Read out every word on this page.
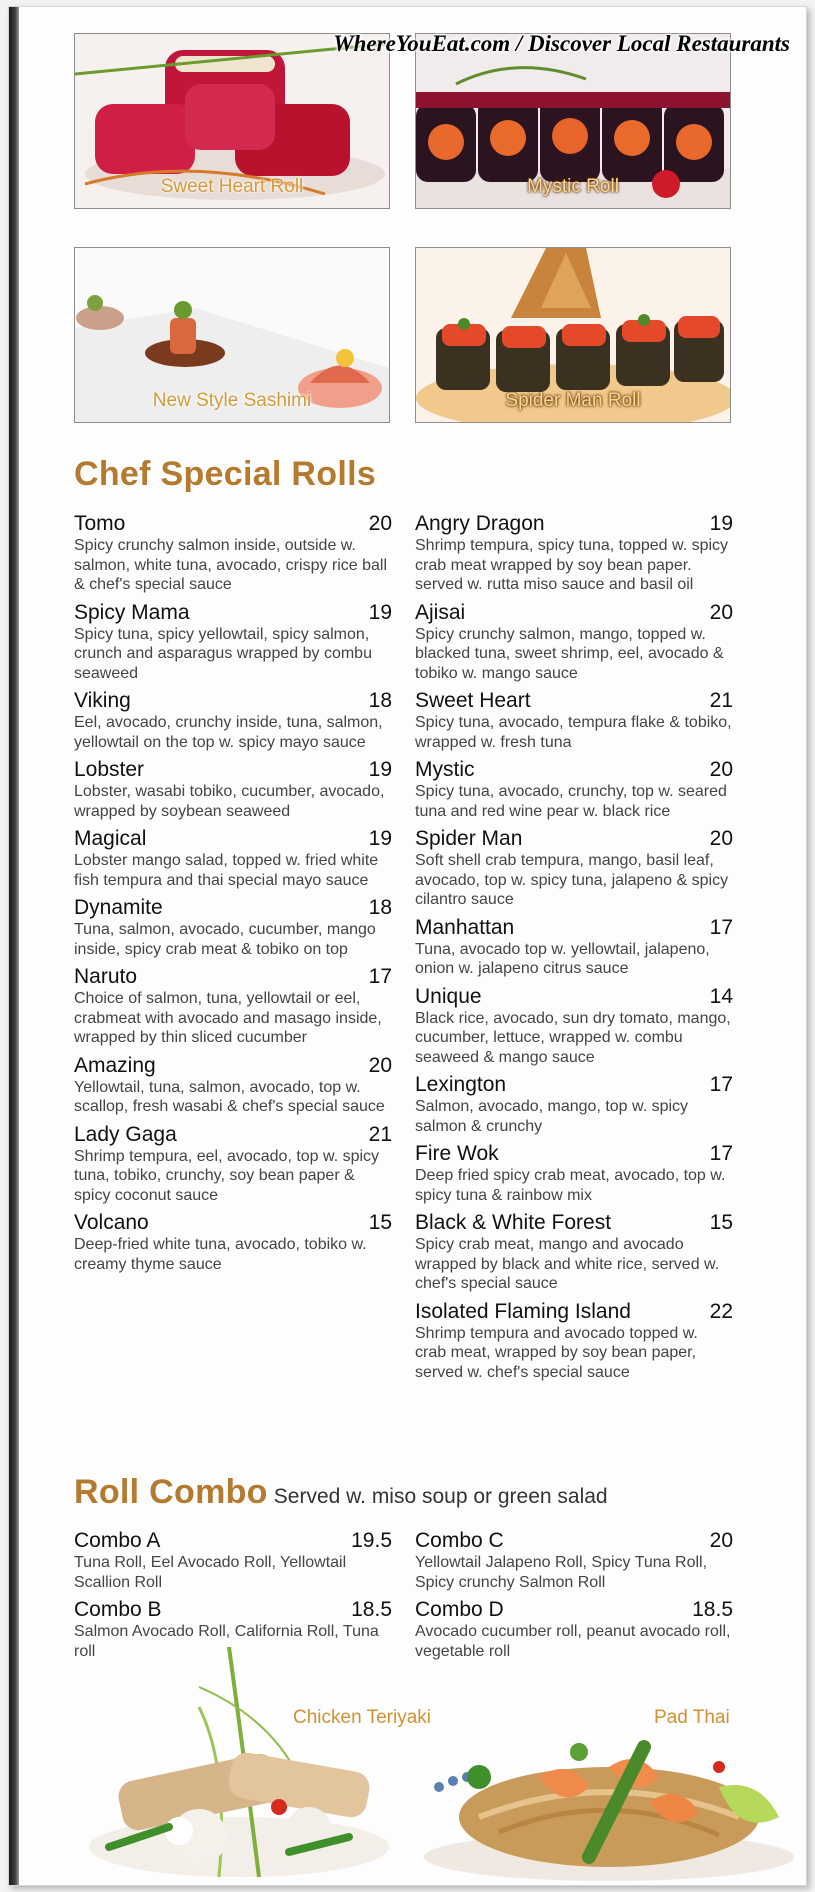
WhereYouEat.com / Discover Local Restaurants

Sweet Heart Roll	Mystic Roll

New Style Sashimi	Spider Man Roll

Chef Special Rolls
Tomo	20

Spicy crunchy salmon inside, outside w. salmon, white tuna, avocado, crispy rice ball & chef's special sauce

Spicy Mama	19

Spicy tuna, spicy yellowtail, spicy salmon, crunch and asparagus wrapped by combu seaweed

Viking	18

Eel, avocado, crunchy inside, tuna, salmon, yellowtail on the top w. spicy mayo sauce

Lobster	19

Lobster, wasabi tobiko, cucumber, avocado, wrapped by soybean seaweed

Magical	19

Lobster mango salad, topped w. fried white fish tempura and thai special mayo sauce

Dynamite	18

Tuna, salmon, avocado, cucumber, mango inside, spicy crab meat & tobiko on top

Naruto	17

Choice of salmon, tuna, yellowtail or eel, crabmeat with avocado and masago inside, wrapped by thin sliced cucumber

Amazing	20

Yellowtail, tuna, salmon, avocado, top w. scallop, fresh wasabi & chef's special sauce

Lady Gaga	21

Shrimp tempura, eel, avocado, top w. spicy tuna, tobiko, crunchy, soy bean paper & spicy coconut sauce

Volcano	15

Deep-fried white tuna, avocado, tobiko w. creamy thyme sauce

Angry Dragon	19

Shrimp tempura, spicy tuna, topped w. spicy crab meat wrapped by soy bean paper. served w. rutta miso sauce and basil oil

Ajisai	20

Spicy crunchy salmon, mango, topped w. blacked tuna, sweet shrimp, eel, avocado & tobiko w. mango sauce

Sweet Heart	21

Spicy tuna, avocado, tempura flake & tobiko, wrapped w. fresh tuna

Mystic	20

Spicy tuna, avocado, crunchy, top w. seared tuna and red wine pear w. black rice

Spider Man	20

Soft shell crab tempura, mango, basil leaf, avocado, top w. spicy tuna, jalapeno & spicy cilantro sauce

Manhattan	17

Tuna, avocado top w. yellowtail, jalapeno, onion w. jalapeno citrus sauce

Unique	14

Black rice, avocado, sun dry tomato, mango, cucumber, lettuce, wrapped w. combu seaweed & mango sauce

Lexington	17

Salmon, avocado, mango, top w. spicy salmon & crunchy

Fire Wok	17

Deep fried spicy crab meat, avocado, top w. spicy tuna & rainbow mix

Black & White Forest	15

Spicy crab meat, mango and avocado wrapped by black and white rice, served w. chef's special sauce

Isolated Flaming Island	22

Shrimp tempura and avocado topped w. crab meat, wrapped by soy bean paper, served w. chef's special sauce

Roll Combo Served w. miso soup or green salad
Combo A	19.5

Tuna Roll, Eel Avocado Roll, Yellowtail Scallion Roll

Combo B	18.5

Salmon Avocado Roll, California Roll, Tuna roll

Combo C	20

Yellowtail Jalapeno Roll, Spicy Tuna Roll, Spicy crunchy Salmon Roll

Combo D	18.5

Avocado cucumber roll, peanut avocado roll, vegetable roll

Chicken Teriyaki	Pad Thai
